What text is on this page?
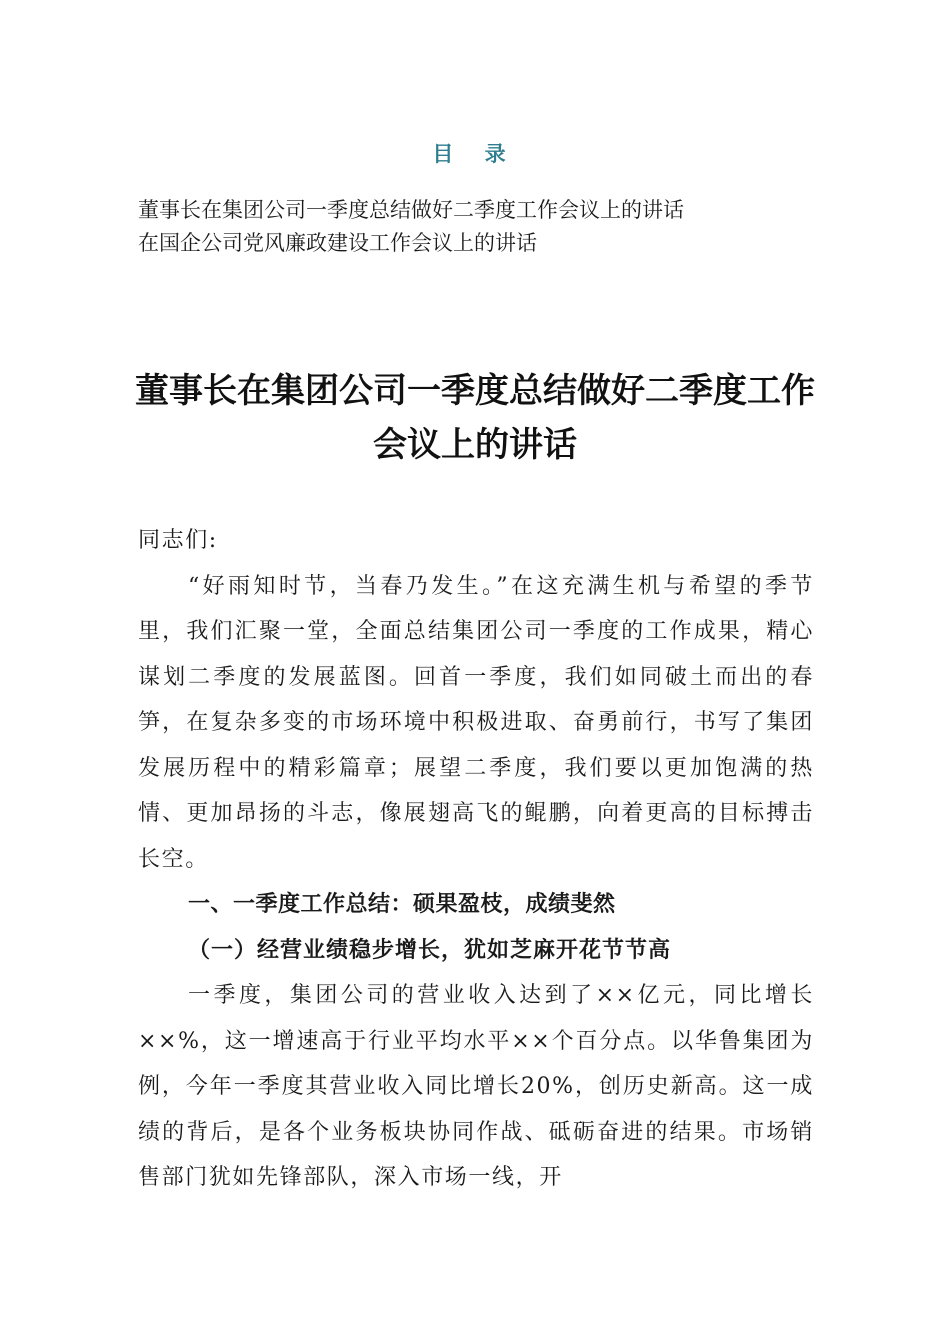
目 录
董事长在集团公司一季度总结做好二季度工作会议上的讲话
在国企公司党风廉政建设工作会议上的讲话
董事长在集团公司一季度总结做好二季度工作会议上的讲话

同志们:

“好雨知时节，当春乃发生。”在这充满生机与希望的季节里，我们汇聚一堂，全面总结集团公司一季度的工作成果，精心谋划二季度的发展蓝图。回首一季度，我们如同破土而出的春笋，在复杂多变的市场环境中积极进取、奋勇前行，书写了集团发展历程中的精彩篇章；展望二季度，我们要以更加饱满的热情、更加昂扬的斗志，像展翅高飞的鲲鹏，向着更高的目标搏击长空。

一、一季度工作总结：硕果盈枝，成绩斐然

（一）经营业绩稳步增长，犹如芝麻开花节节高

一季度，集团公司的营业收入达到了××亿元，同比增长××%，这一增速高于行业平均水平××个百分点。以华鲁集团为例，今年一季度其营业收入同比增长20%，创历史新高。这一成绩的背后，是各个业务板块协同作战、砥砺奋进的结果。市场销售部门犹如先锋部队，深入市场一线，开
